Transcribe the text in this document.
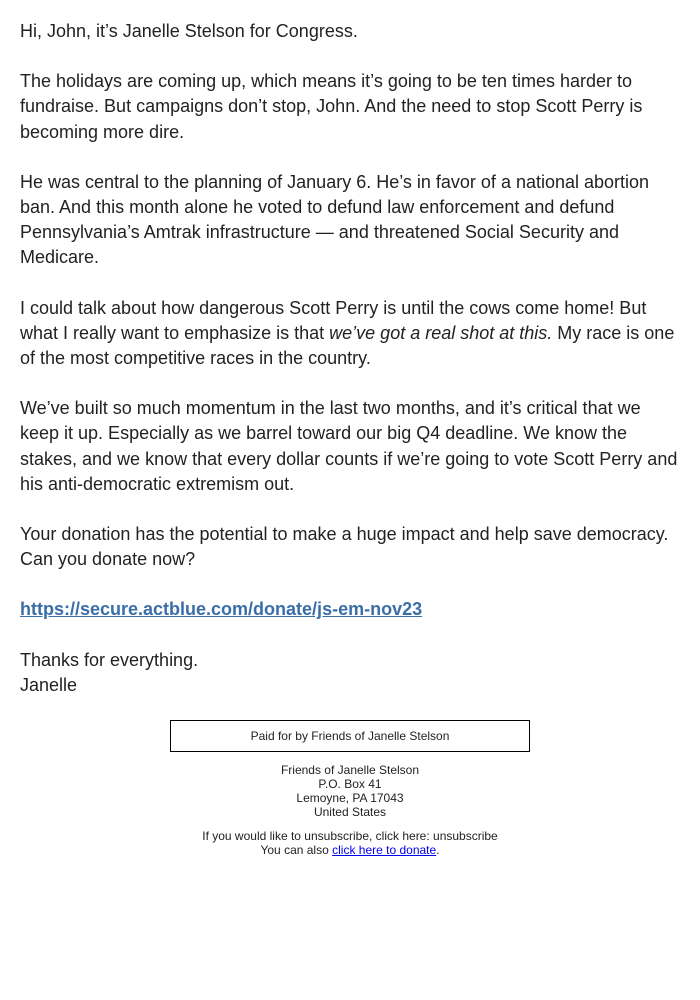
Hi, John, it’s Janelle Stelson for Congress.

The holidays are coming up, which means it’s going to be ten times harder to fundraise. But campaigns don’t stop, John. And the need to stop Scott Perry is becoming more dire.

He was central to the planning of January 6. He’s in favor of a national abortion ban. And this month alone he voted to defund law enforcement and defund Pennsylvania’s Amtrak infrastructure — and threatened Social Security and Medicare.

I could talk about how dangerous Scott Perry is until the cows come home! But what I really want to emphasize is that we’ve got a real shot at this. My race is one of the most competitive races in the country.

We’ve built so much momentum in the last two months, and it’s critical that we keep it up. Especially as we barrel toward our big Q4 deadline. We know the stakes, and we know that every dollar counts if we’re going to vote Scott Perry and his anti-democratic extremism out.

Your donation has the potential to make a huge impact and help save democracy. Can you donate now?

https://secure.actblue.com/donate/js-em-nov23

Thanks for everything.
Janelle
Paid for by Friends of Janelle Stelson
Friends of Janelle Stelson
P.O. Box 41
Lemoyne, PA 17043
United States
If you would like to unsubscribe, click here: unsubscribe
You can also click here to donate.
